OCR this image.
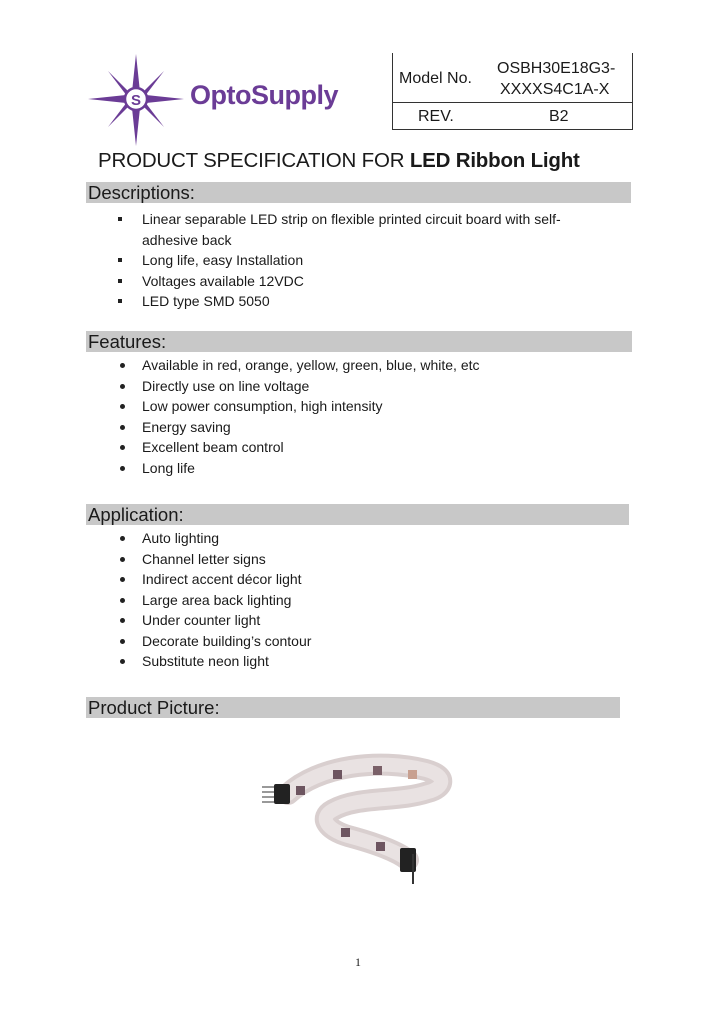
S OptoSupply
Model No.
OSBH30E18G3-
XXXXS4C1A-X
REV.	B2
PRODUCT SPECIFICATION FOR LED Ribbon Light
Descriptions:
Linear separable LED strip on flexible printed circuit board with self-
adhesive back
Long life, easy Installation
Voltages available 12VDC
LED type SMD 5050
Features:
Available in red, orange, yellow, green, blue, white, etc
Directly use on line voltage
Low power consumption, high intensity
Energy saving
Excellent beam control
Long life
Application:
Auto lighting
Channel letter signs
Indirect accent décor light
Large area back lighting
Under counter light
Decorate building’s contour
Substitute neon light
Product Picture:
1
